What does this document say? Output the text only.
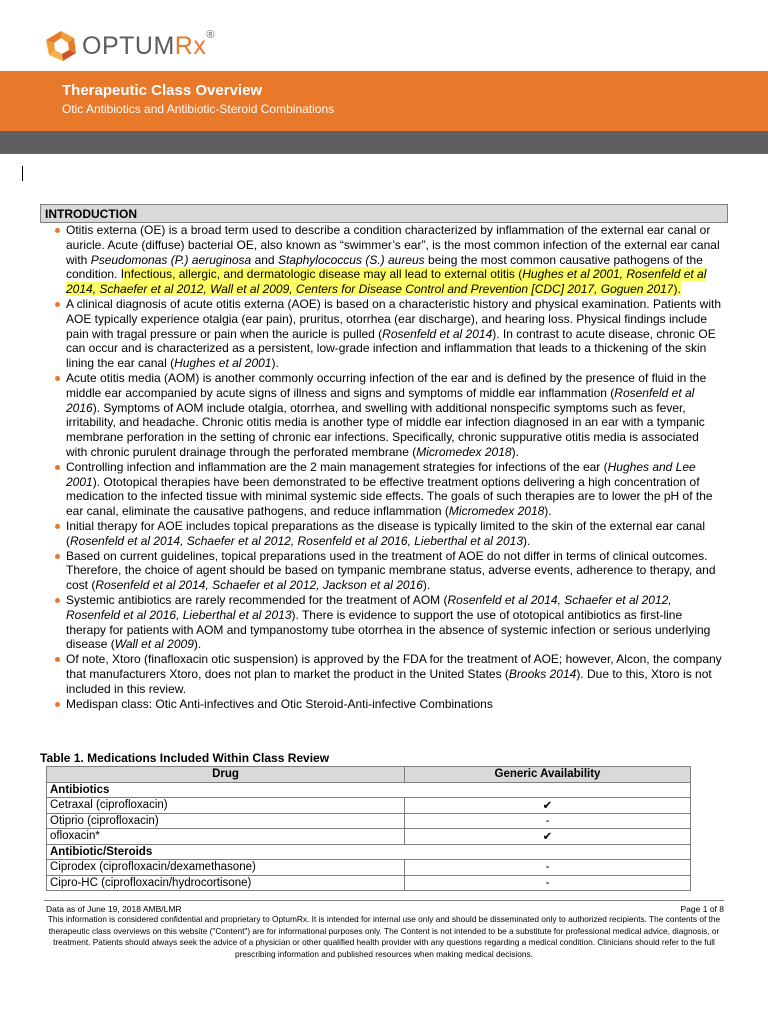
OPTUMRx®
Therapeutic Class Overview
Otic Antibiotics and Antibiotic-Steroid Combinations
INTRODUCTION
Otitis externa (OE) is a broad term used to describe a condition characterized by inflammation of the external ear canal or auricle. Acute (diffuse) bacterial OE, also known as “swimmer’s ear”, is the most common infection of the external ear canal with Pseudomonas (P.) aeruginosa and Staphylococcus (S.) aureus being the most common causative pathogens of the condition. Infectious, allergic, and dermatologic disease may all lead to external otitis (Hughes et al 2001, Rosenfeld et al 2014, Schaefer et al 2012, Wall et al 2009, Centers for Disease Control and Prevention [CDC] 2017, Goguen 2017).
A clinical diagnosis of acute otitis externa (AOE) is based on a characteristic history and physical examination. Patients with AOE typically experience otalgia (ear pain), pruritus, otorrhea (ear discharge), and hearing loss. Physical findings include pain with tragal pressure or pain when the auricle is pulled (Rosenfeld et al 2014). In contrast to acute disease, chronic OE can occur and is characterized as a persistent, low-grade infection and inflammation that leads to a thickening of the skin lining the ear canal (Hughes et al 2001).
Acute otitis media (AOM) is another commonly occurring infection of the ear and is defined by the presence of fluid in the middle ear accompanied by acute signs of illness and signs and symptoms of middle ear inflammation (Rosenfeld et al 2016). Symptoms of AOM include otalgia, otorrhea, and swelling with additional nonspecific symptoms such as fever, irritability, and headache. Chronic otitis media is another type of middle ear infection diagnosed in an ear with a tympanic membrane perforation in the setting of chronic ear infections. Specifically, chronic suppurative otitis media is associated with chronic purulent drainage through the perforated membrane (Micromedex 2018).
Controlling infection and inflammation are the 2 main management strategies for infections of the ear (Hughes and Lee 2001). Ototopical therapies have been demonstrated to be effective treatment options delivering a high concentration of medication to the infected tissue with minimal systemic side effects. The goals of such therapies are to lower the pH of the ear canal, eliminate the causative pathogens, and reduce inflammation (Micromedex 2018).
Initial therapy for AOE includes topical preparations as the disease is typically limited to the skin of the external ear canal (Rosenfeld et al 2014, Schaefer et al 2012, Rosenfeld et al 2016, Lieberthal et al 2013).
Based on current guidelines, topical preparations used in the treatment of AOE do not differ in terms of clinical outcomes. Therefore, the choice of agent should be based on tympanic membrane status, adverse events, adherence to therapy, and cost (Rosenfeld et al 2014, Schaefer et al 2012, Jackson et al 2016).
Systemic antibiotics are rarely recommended for the treatment of AOM (Rosenfeld et al 2014, Schaefer et al 2012, Rosenfeld et al 2016, Lieberthal et al 2013). There is evidence to support the use of ototopical antibiotics as first-line therapy for patients with AOM and tympanostomy tube otorrhea in the absence of systemic infection or serious underlying disease (Wall et al 2009).
Of note, Xtoro (finafloxacin otic suspension) is approved by the FDA for the treatment of AOE; however, Alcon, the company that manufacturers Xtoro, does not plan to market the product in the United States (Brooks 2014). Due to this, Xtoro is not included in this review.
Medispan class: Otic Anti-infectives and Otic Steroid-Anti-infective Combinations
Table 1. Medications Included Within Class Review
Drug	Generic Availability
Antibiotics	
Cetraxal (ciprofloxacin)	✔
Otiprio (ciprofloxacin)	-
ofloxacin*	✔
Antibiotic/Steroids	
Ciprodex (ciprofloxacin/dexamethasone)	-
Cipro-HC (ciprofloxacin/hydrocortisone)	-
Data as of June 19, 2018 AMB/LMR	Page 1 of 8
This information is considered confidential and proprietary to OptumRx. It is intended for internal use only and should be disseminated only to authorized recipients. The contents of the therapeutic class overviews on this website ("Content") are for informational purposes only. The Content is not intended to be a substitute for professional medical advice, diagnosis, or treatment. Patients should always seek the advice of a physician or other qualified health provider with any questions regarding a medical condition. Clinicians should refer to the full prescribing information and published resources when making medical decisions.
